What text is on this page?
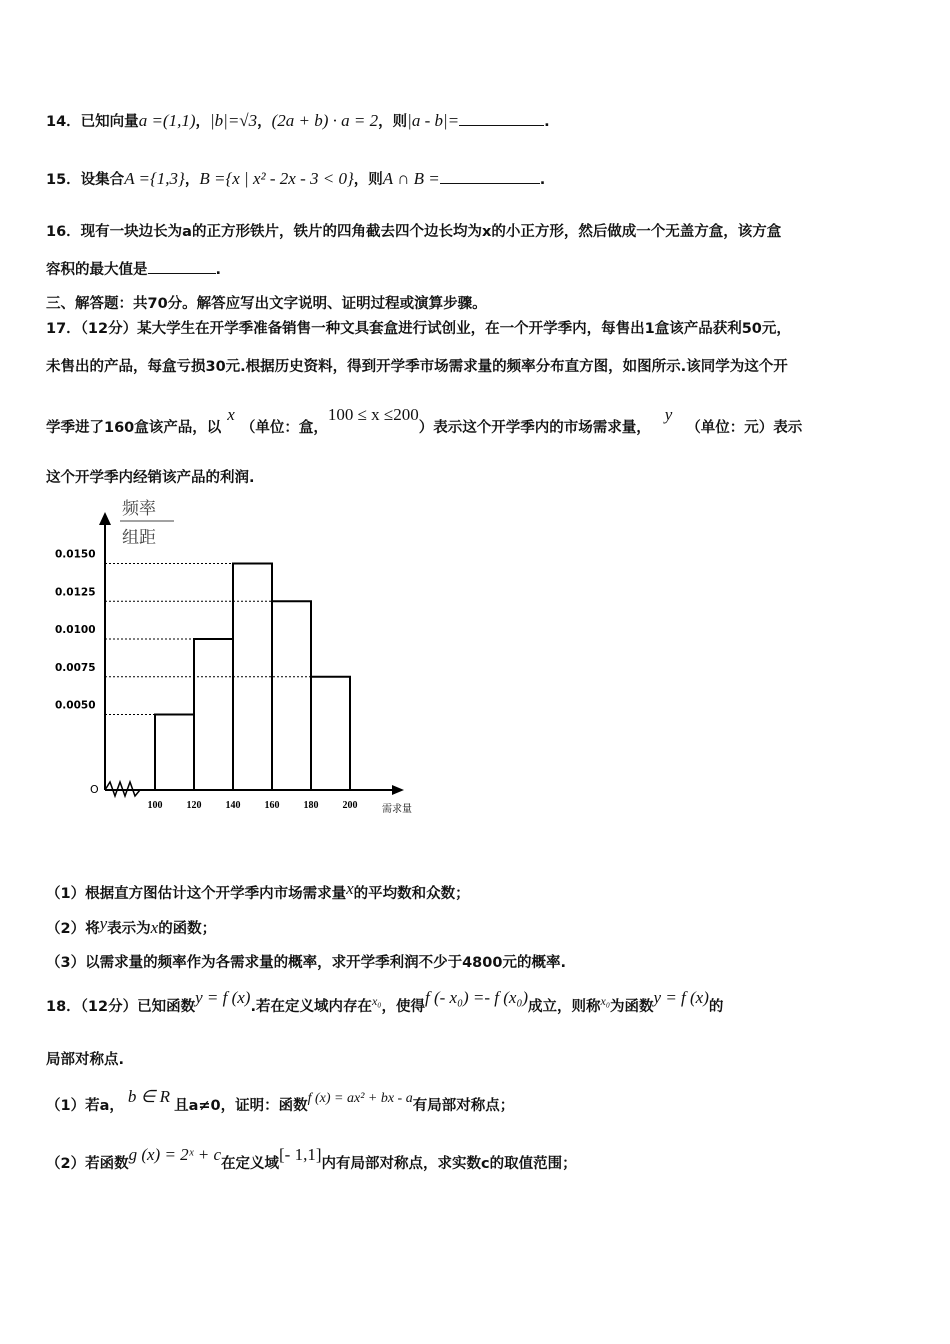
14．已知向量a =(1,1)，|b|=√3，(2a + b) · a = 2，则|a - b|=	.
15．设集合A ={1,3}，B ={x | x² - 2x - 3 < 0}，则A ∩ B =	.
16．现有一块边长为a的正方形铁片，铁片的四角截去四个边长均为x的小正方形，然后做成一个无盖方盒，该方盒
容积的最大值是	.
三、解答题：共70分。解答应写出文字说明、证明过程或演算步骤。
17．（12分）某大学生在开学季准备销售一种文具套盒进行试创业，在一个开学季内，每售出1盒该产品获利50元，
未售出的产品，每盒亏损30元.根据历史资料，得到开学季市场需求量的频率分布直方图，如图所示.该同学为这个开
学季进了160盒该产品，以x（单位：盒，100 ≤ x ≤200）表示这个开学季内的市场需求量，y（单位：元）表示
这个开学季内经销该产品的利润.
频率
组距
O
0.0050
0.0075
0.0100
0.0125
0.0150
100 120 140 160 180 200 需求量
（1）根据直方图估计这个开学季内市场需求量x的平均数和众数；
（2）将y表示为x的函数；
（3）以需求量的频率作为各需求量的概率，求开学季利润不少于4800元的概率.
18．（12分）已知函数y = f (x).若在定义域内存在$^{x_0}$，使得f (- x₀) =- f (x₀)成立，则称$^{x_0}$为函数y = f (x)的
局部对称点.
（1）若a， b ∈ R 且a≠0，证明：函数f (x) = ax² + bx - a有局部对称点；
（2）若函数g (x) = 2ˣ + c在定义域[- 1,1]内有局部对称点，求实数c的取值范围；
